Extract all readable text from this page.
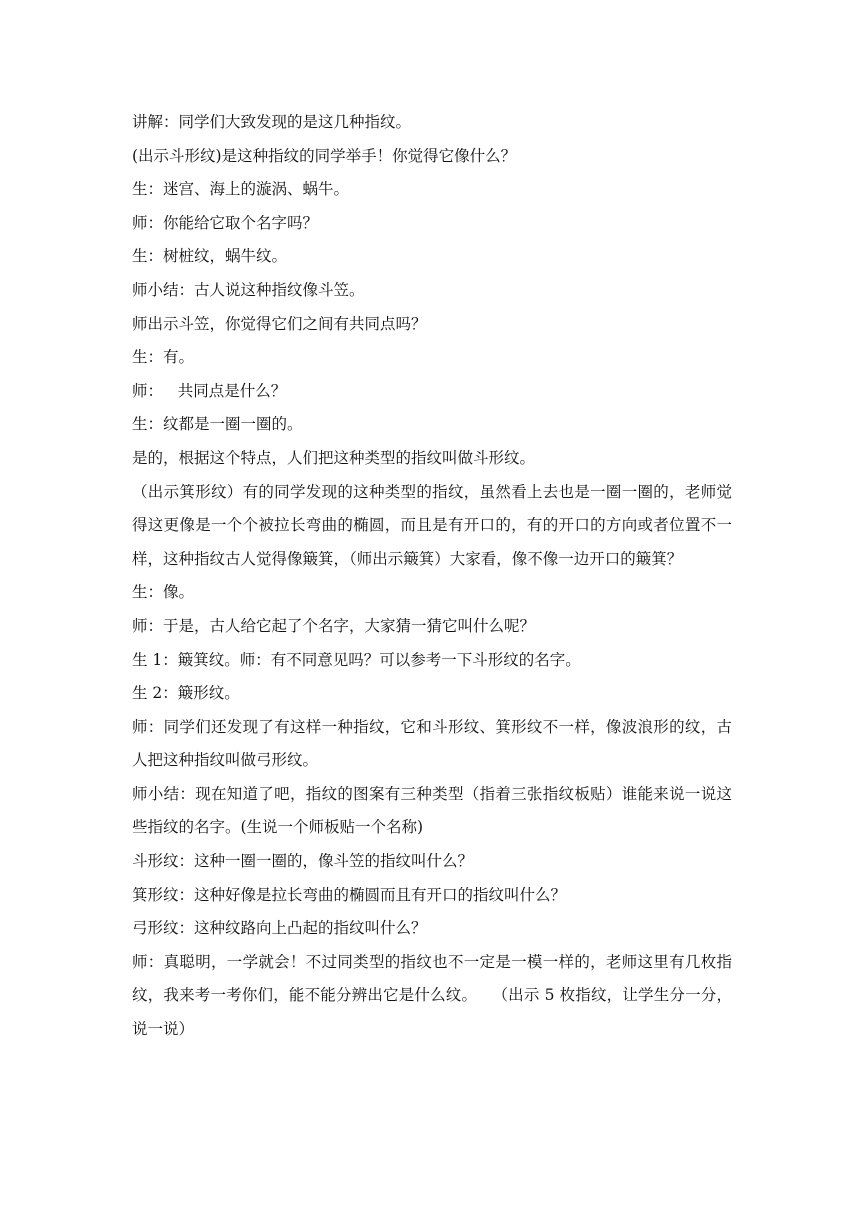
讲解：同学们大致发现的是这几种指纹。

(出示斗形纹)是这种指纹的同学举手！你觉得它像什么？

生：迷宫、海上的漩涡、蜗牛。

师：你能给它取个名字吗？

生：树桩纹，蜗牛纹。

师小结：古人说这种指纹像斗笠。

师出示斗笠，你觉得它们之间有共同点吗？

生：有。

师：   共同点是什么？

生：纹都是一圈一圈的。

是的，根据这个特点，人们把这种类型的指纹叫做斗形纹。

（出示箕形纹）有的同学发现的这种类型的指纹，虽然看上去也是一圈一圈的，老师觉得这更像是一个个被拉长弯曲的椭圆，而且是有开口的，有的开口的方向或者位置不一样，这种指纹古人觉得像簸箕，（师出示簸箕）大家看，像不像一边开口的簸箕？

生：像。

师：于是，古人给它起了个名字，大家猜一猜它叫什么呢？

生 1：簸箕纹。师：有不同意见吗？可以参考一下斗形纹的名字。

生 2：簸形纹。

师：同学们还发现了有这样一种指纹，它和斗形纹、箕形纹不一样，像波浪形的纹，古人把这种指纹叫做弓形纹。

师小结：现在知道了吧，指纹的图案有三种类型（指着三张指纹板贴）谁能来说一说这些指纹的名字。(生说一个师板贴一个名称)

斗形纹：这种一圈一圈的，像斗笠的指纹叫什么？

箕形纹：这种好像是拉长弯曲的椭圆而且有开口的指纹叫什么？

弓形纹：这种纹路向上凸起的指纹叫什么？

师：真聪明，一学就会！不过同类型的指纹也不一定是一模一样的，老师这里有几枚指纹，我来考一考你们，能不能分辨出它是什么纹。   （出示 5 枚指纹，让学生分一分，说一说）
